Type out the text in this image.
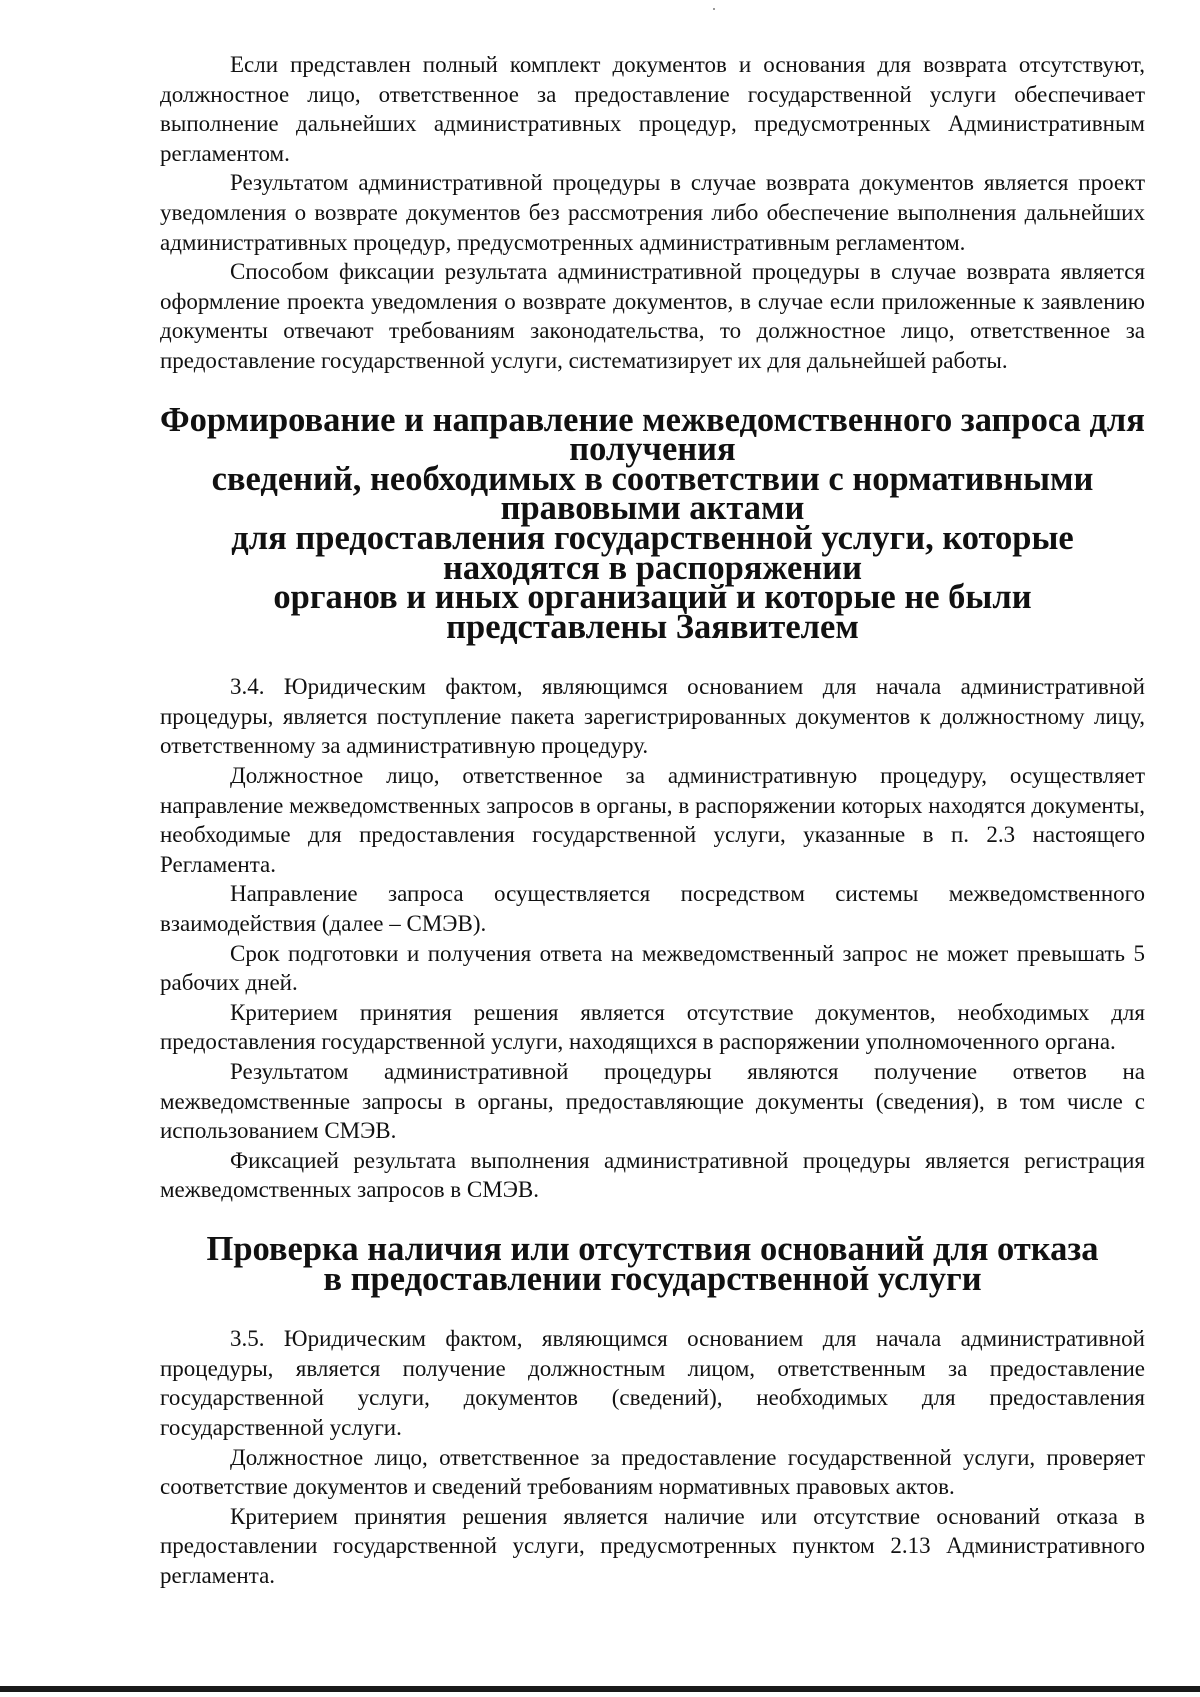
Если представлен полный комплект документов и основания для возврата отсутствуют, должностное лицо, ответственное за предоставление государственной услуги обеспечивает выполнение дальнейших административных процедур, предусмотренных Административным регламентом.

Результатом административной процедуры в случае возврата документов является проект уведомления о возврате документов без рассмотрения либо обеспечение выполнения дальнейших административных процедур, предусмотренных административным регламентом.

Способом фиксации результата административной процедуры в случае возврата является оформление проекта уведомления о возврате документов, в случае если приложенные к заявлению документы отвечают требованиям законодательства, то должностное лицо, ответственное за предоставление государственной услуги, систематизирует их для дальнейшей работы.

Формирование и направление межведомственного запроса для получения
сведений, необходимых в соответствии с нормативными правовыми актами
для предоставления государственной услуги, которые находятся в распоряжении
органов и иных организаций и которые не были представлены Заявителем

3.4. Юридическим фактом, являющимся основанием для начала административной процедуры, является поступление пакета зарегистрированных документов к должностному лицу, ответственному за административную процедуру.

Должностное лицо, ответственное за административную процедуру, осуществляет направление межведомственных запросов в органы, в распоряжении которых находятся документы, необходимые для предоставления государственной услуги, указанные в п. 2.3 настоящего Регламента.

Направление запроса осуществляется посредством системы межведомственного взаимодействия (далее – СМЭВ).

Срок подготовки и получения ответа на межведомственный запрос не может превышать 5 рабочих дней.

Критерием принятия решения является отсутствие документов, необходимых для предоставления государственной услуги, находящихся в распоряжении уполномоченного органа.

Результатом административной процедуры являются получение ответов на межведомственные запросы в органы, предоставляющие документы (сведения), в том числе с использованием СМЭВ.

Фиксацией результата выполнения административной процедуры является регистрация межведомственных запросов в СМЭВ.

Проверка наличия или отсутствия оснований для отказа
в предоставлении государственной услуги

3.5. Юридическим фактом, являющимся основанием для начала административной процедуры, является получение должностным лицом, ответственным за предоставление государственной услуги, документов (сведений), необходимых для предоставления государственной услуги.

Должностное лицо, ответственное за предоставление государственной услуги, проверяет соответствие документов и сведений требованиям нормативных правовых актов.

Критерием принятия решения является наличие или отсутствие оснований отказа в предоставлении государственной услуги, предусмотренных пунктом 2.13 Административного регламента.
